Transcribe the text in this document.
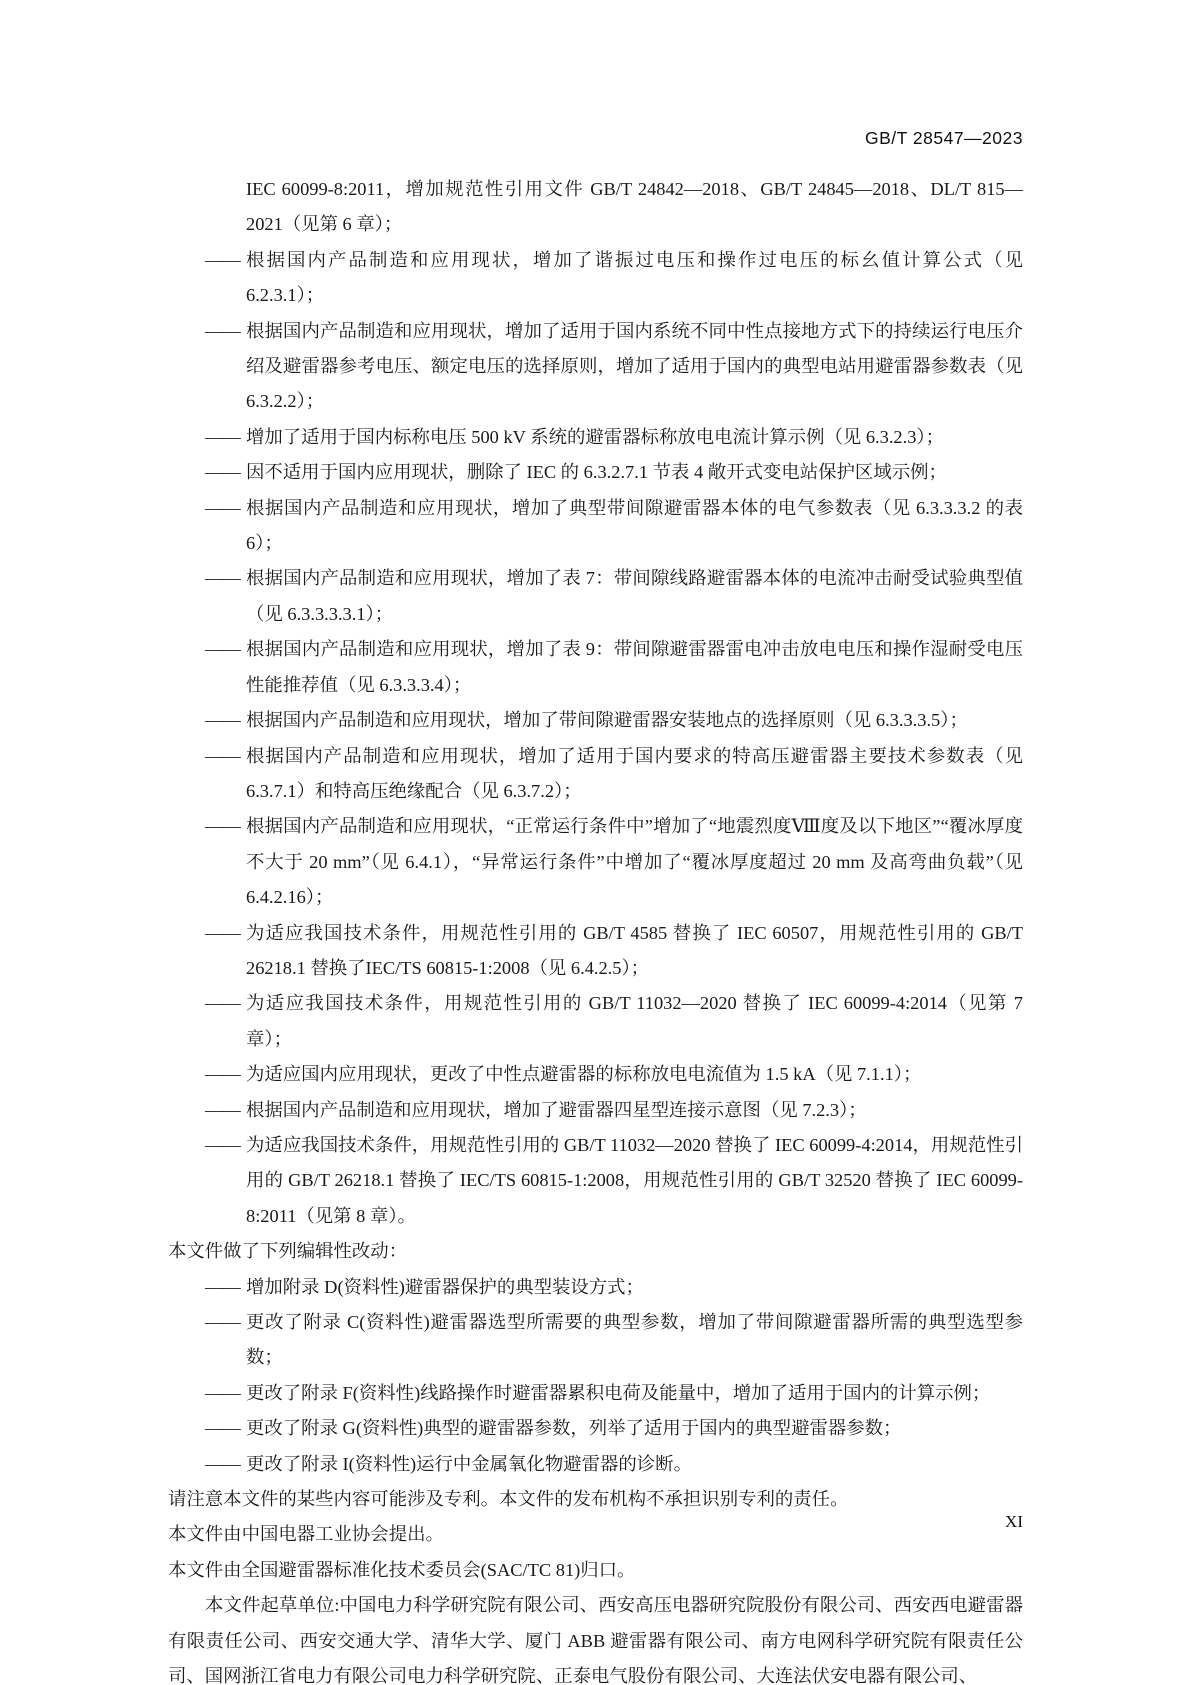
GB/T 28547—2023

IEC 60099-8:2011，增加规范性引用文件 GB/T 24842—2018、GB/T 24845—2018、DL/T 815—2021（见第 6 章）；

—— 根据国内产品制造和应用现状，增加了谐振过电压和操作过电压的标幺值计算公式（见 6.2.3.1）；

—— 根据国内产品制造和应用现状，增加了适用于国内系统不同中性点接地方式下的持续运行电压介绍及避雷器参考电压、额定电压的选择原则，增加了适用于国内的典型电站用避雷器参数表（见 6.3.2.2）；

—— 增加了适用于国内标称电压 500 kV 系统的避雷器标称放电电流计算示例（见 6.3.2.3）；

—— 因不适用于国内应用现状，删除了 IEC 的 6.3.2.7.1 节表 4 敞开式变电站保护区域示例；

—— 根据国内产品制造和应用现状，增加了典型带间隙避雷器本体的电气参数表（见 6.3.3.3.2 的表 6）；

—— 根据国内产品制造和应用现状，增加了表 7：带间隙线路避雷器本体的电流冲击耐受试验典型值（见 6.3.3.3.3.1）；

—— 根据国内产品制造和应用现状，增加了表 9：带间隙避雷器雷电冲击放电电压和操作湿耐受电压性能推荐值（见 6.3.3.3.4）；

—— 根据国内产品制造和应用现状，增加了带间隙避雷器安装地点的选择原则（见 6.3.3.3.5）；

—— 根据国内产品制造和应用现状，增加了适用于国内要求的特高压避雷器主要技术参数表（见 6.3.7.1）和特高压绝缘配合（见 6.3.7.2）；

—— 根据国内产品制造和应用现状，“正常运行条件中”增加了“地震烈度Ⅷ度及以下地区”“覆冰厚度不大于 20 mm”（见 6.4.1），“异常运行条件”中增加了“覆冰厚度超过 20 mm 及高弯曲负载”（见 6.4.2.16）；

—— 为适应我国技术条件，用规范性引用的 GB/T 4585 替换了 IEC 60507，用规范性引用的 GB/T 26218.1 替换了IEC/TS 60815-1:2008（见 6.4.2.5）；

—— 为适应我国技术条件，用规范性引用的 GB/T 11032—2020 替换了 IEC 60099-4:2014（见第 7 章）；

—— 为适应国内应用现状，更改了中性点避雷器的标称放电电流值为 1.5 kA（见 7.1.1）；

—— 根据国内产品制造和应用现状，增加了避雷器四星型连接示意图（见 7.2.3）；

—— 为适应我国技术条件，用规范性引用的 GB/T 11032—2020 替换了 IEC 60099-4:2014，用规范性引用的 GB/T 26218.1 替换了 IEC/TS 60815-1:2008，用规范性引用的 GB/T 32520 替换了 IEC 60099-8:2011（见第 8 章）。

本文件做了下列编辑性改动：

—— 增加附录 D(资料性)避雷器保护的典型装设方式；

—— 更改了附录 C(资料性)避雷器选型所需要的典型参数，增加了带间隙避雷器所需的典型选型参数；

—— 更改了附录 F(资料性)线路操作时避雷器累积电荷及能量中，增加了适用于国内的计算示例；

—— 更改了附录 G(资料性)典型的避雷器参数，列举了适用于国内的典型避雷器参数；

—— 更改了附录 I(资料性)运行中金属氧化物避雷器的诊断。

请注意本文件的某些内容可能涉及专利。本文件的发布机构不承担识别专利的责任。

本文件由中国电器工业协会提出。

本文件由全国避雷器标准化技术委员会(SAC/TC 81)归口。

本文件起草单位:中国电力科学研究院有限公司、西安高压电器研究院股份有限公司、西安西电避雷器有限责任公司、西安交通大学、清华大学、厦门 ABB 避雷器有限公司、南方电网科学研究院有限责任公司、国网浙江省电力有限公司电力科学研究院、正泰电气股份有限公司、大连法伏安电器有限公司、

XI
